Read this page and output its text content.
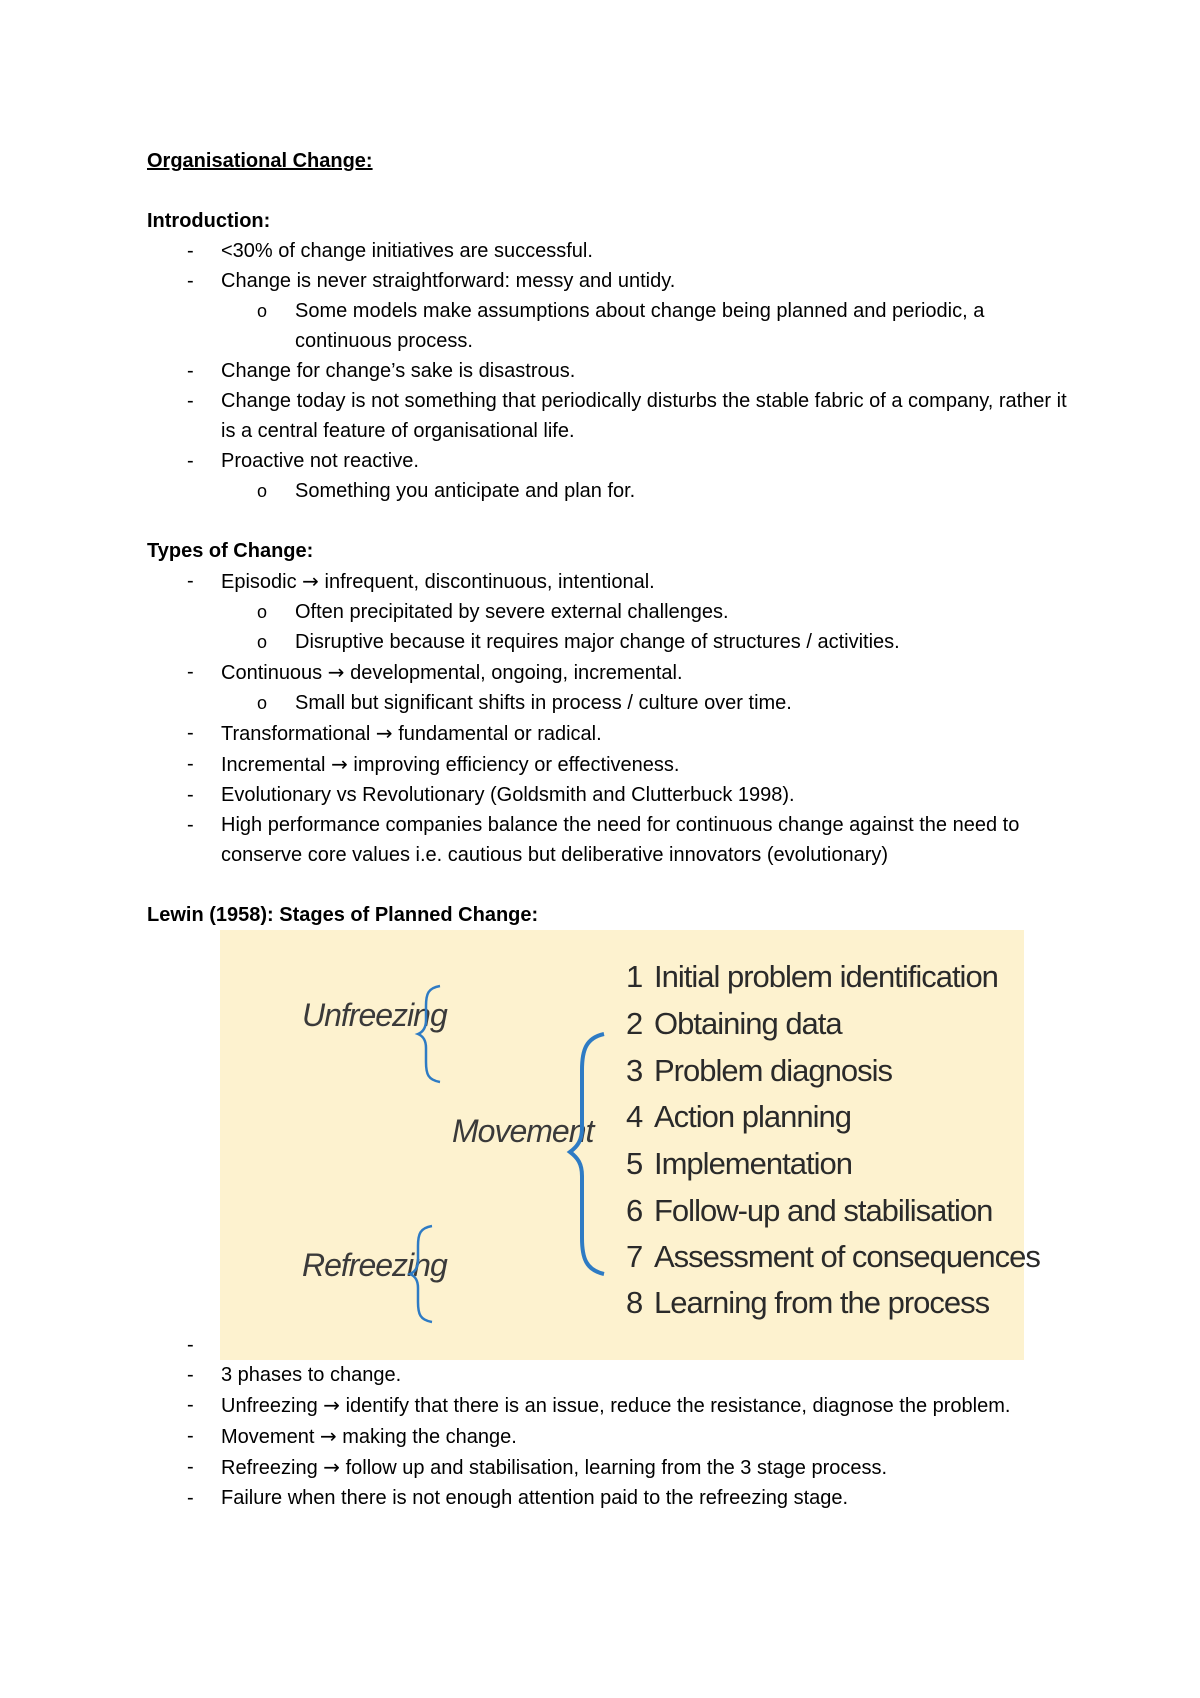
Organisational Change:

Introduction:

- <30% of change initiatives are successful.
- Change is never straightforward: messy and untidy.
o Some models make assumptions about change being planned and periodic, a continuous process.
- Change for change’s sake is disastrous.
- Change today is not something that periodically disturbs the stable fabric of a company, rather it is a central feature of organisational life.
- Proactive not reactive.
o Something you anticipate and plan for.

Types of Change:

- Episodic → infrequent, discontinuous, intentional.
o Often precipitated by severe external challenges.
o Disruptive because it requires major change of structures / activities.
- Continuous → developmental, ongoing, incremental.
o Small but significant shifts in process / culture over time.
- Transformational → fundamental or radical.
- Incremental → improving efficiency or effectiveness.
- Evolutionary vs Revolutionary (Goldsmith and Clutterbuck 1998).
- High performance companies balance the need for continuous change against the need to conserve core values i.e. cautious but deliberative innovators (evolutionary)

Lewin (1958): Stages of Planned Change:

-
Unfreezing
Movement
Refreezing
1 Initial problem identification
2 Obtaining data
3 Problem diagnosis
4 Action planning
5 Implementation
6 Follow-up and stabilisation
7 Assessment of consequences
8 Learning from the process
- 3 phases to change.
- Unfreezing → identify that there is an issue, reduce the resistance, diagnose the problem.
- Movement → making the change.
- Refreezing → follow up and stabilisation, learning from the 3 stage process.
- Failure when there is not enough attention paid to the refreezing stage.
